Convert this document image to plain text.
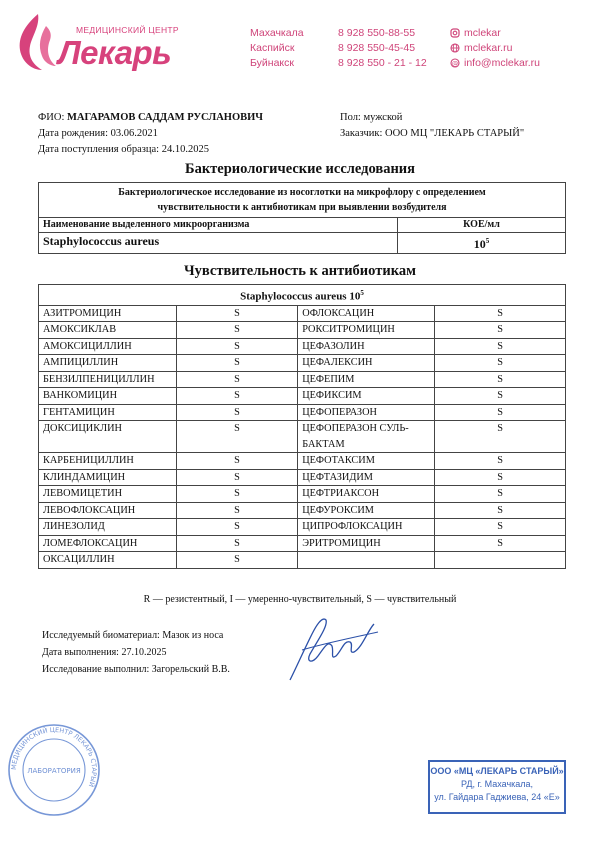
МЕДИЦИНСКИЙ ЦЕНТР
Лекарь
Махачкала	8 928 550-88-55	mclekar
Каспийск	8 928 550-45-45	mclekar.ru
Буйнакск	8 928 550 - 21 - 12	@ info@mclekar.ru
ФИО: МАГАРАМОВ САДДАМ РУСЛАНОВИЧ
Дата рождения: 03.06.2021
Дата поступления образца: 24.10.2025
Пол: мужской
Заказчик: ООО МЦ "ЛЕКАРЬ СТАРЫЙ"
Бактериологические исследования
Бактериологическое исследование из носоглотки на микрофлору с определением чувствительности к антибиотикам при выявлении возбудителя	
Наименование выделенного микроорганизма	КОЕ/мл
Staphylococcus aureus	$10^5$
Чувствительность к антибиотикам
Staphylococcus aureus $10^5$
АЗИТРОМИЦИН	S	ОФЛОКСАЦИН	S
АМОКСИКЛАВ	S	РОКСИТРОМИЦИН	S
АМОКСИЦИЛЛИН	S	ЦЕФАЗОЛИН	S
АМПИЦИЛЛИН	S	ЦЕФАЛЕКСИН	S
БЕНЗИЛПЕНИЦИЛЛИН	S	ЦЕФЕПИМ	S
ВАНКОМИЦИН	S	ЦЕФИКСИМ	S
ГЕНТАМИЦИН	S	ЦЕФОПЕРАЗОН	S
ДОКСИЦИКЛИН	S	ЦЕФОПЕРАЗОН СУЛЬ-БАКТАМ	S
КАРБЕНИЦИЛЛИН	S	ЦЕФОТАКСИМ	S
КЛИНДАМИЦИН	S	ЦЕФТАЗИДИМ	S
ЛЕВОМИЦЕТИН	S	ЦЕФТРИАКСОН	S
ЛЕВОФЛОКСАЦИН	S	ЦЕФУРОКСИМ	S
ЛИНЕЗОЛИД	S	ЦИПРОФЛОКСАЦИН	S
ЛОМЕФЛОКСАЦИН	S	ЭРИТРОМИЦИН	S
ОКСАЦИЛЛИН	S		
R — резистентный, I — умеренно-чувствительный, S — чувствительный
Исследуемый биоматериал: Мазок из носа
Дата выполнения: 27.10.2025
Исследование выполнил: Загорельский В.В.
МЕДИЦИНСКИЙ ЦЕНТР ЛЕКАРЬ СТАРЫЙ
ЛАБОРАТОРИЯ	ООО «МЦ «ЛЕКАРЬ СТАРЫЙ»
РД, г. Махачкала,
ул. Гайдара Гаджиева, 24 «Е»
